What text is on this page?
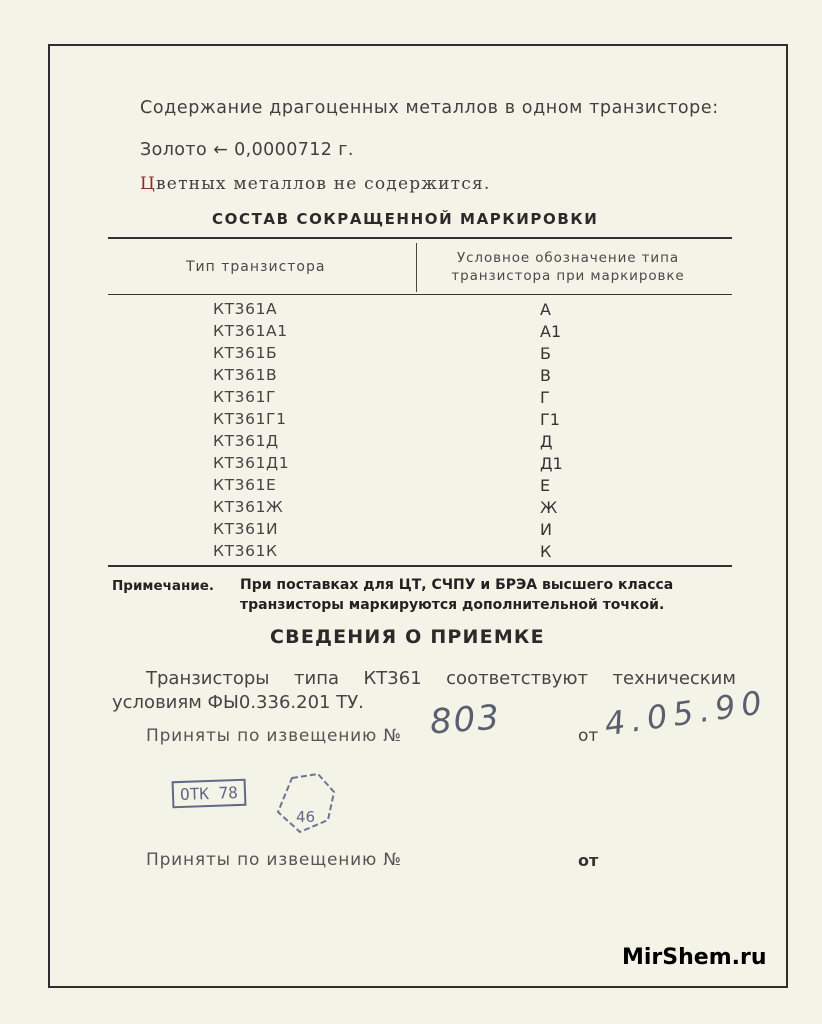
Содержание драгоценных металлов в одном транзисторе:
Золото ← 0,0000712 г.
Цветных металлов не содержится.
СОСТАВ СОКРАЩЕННОЙ МАРКИРОВКИ
Тип транзистора
Условное обозначение типа транзистора при маркировке
КТ361А	А
КТ361А1	А1
КТ361Б	Б
КТ361В	В
КТ361Г	Г
КТ361Г1	Г1
КТ361Д	Д
КТ361Д1	Д1
КТ361Е	Е
КТ361Ж	Ж
КТ361И	И
КТ361К	К
Примечание. При поставках для ЦТ, СЧПУ и БРЭА высшего класса
транзисторы маркируются дополнительной точкой.
СВЕДЕНИЯ О ПРИЕМКЕ
Транзисторы типа КТ361 соответствуют техническим
условиям ФЫ0.336.201 ТУ.
Приняты по извещению № 803	от 4.05.90
ОТК 78
46
Приняты по извещению №	от
MirShem.ru
